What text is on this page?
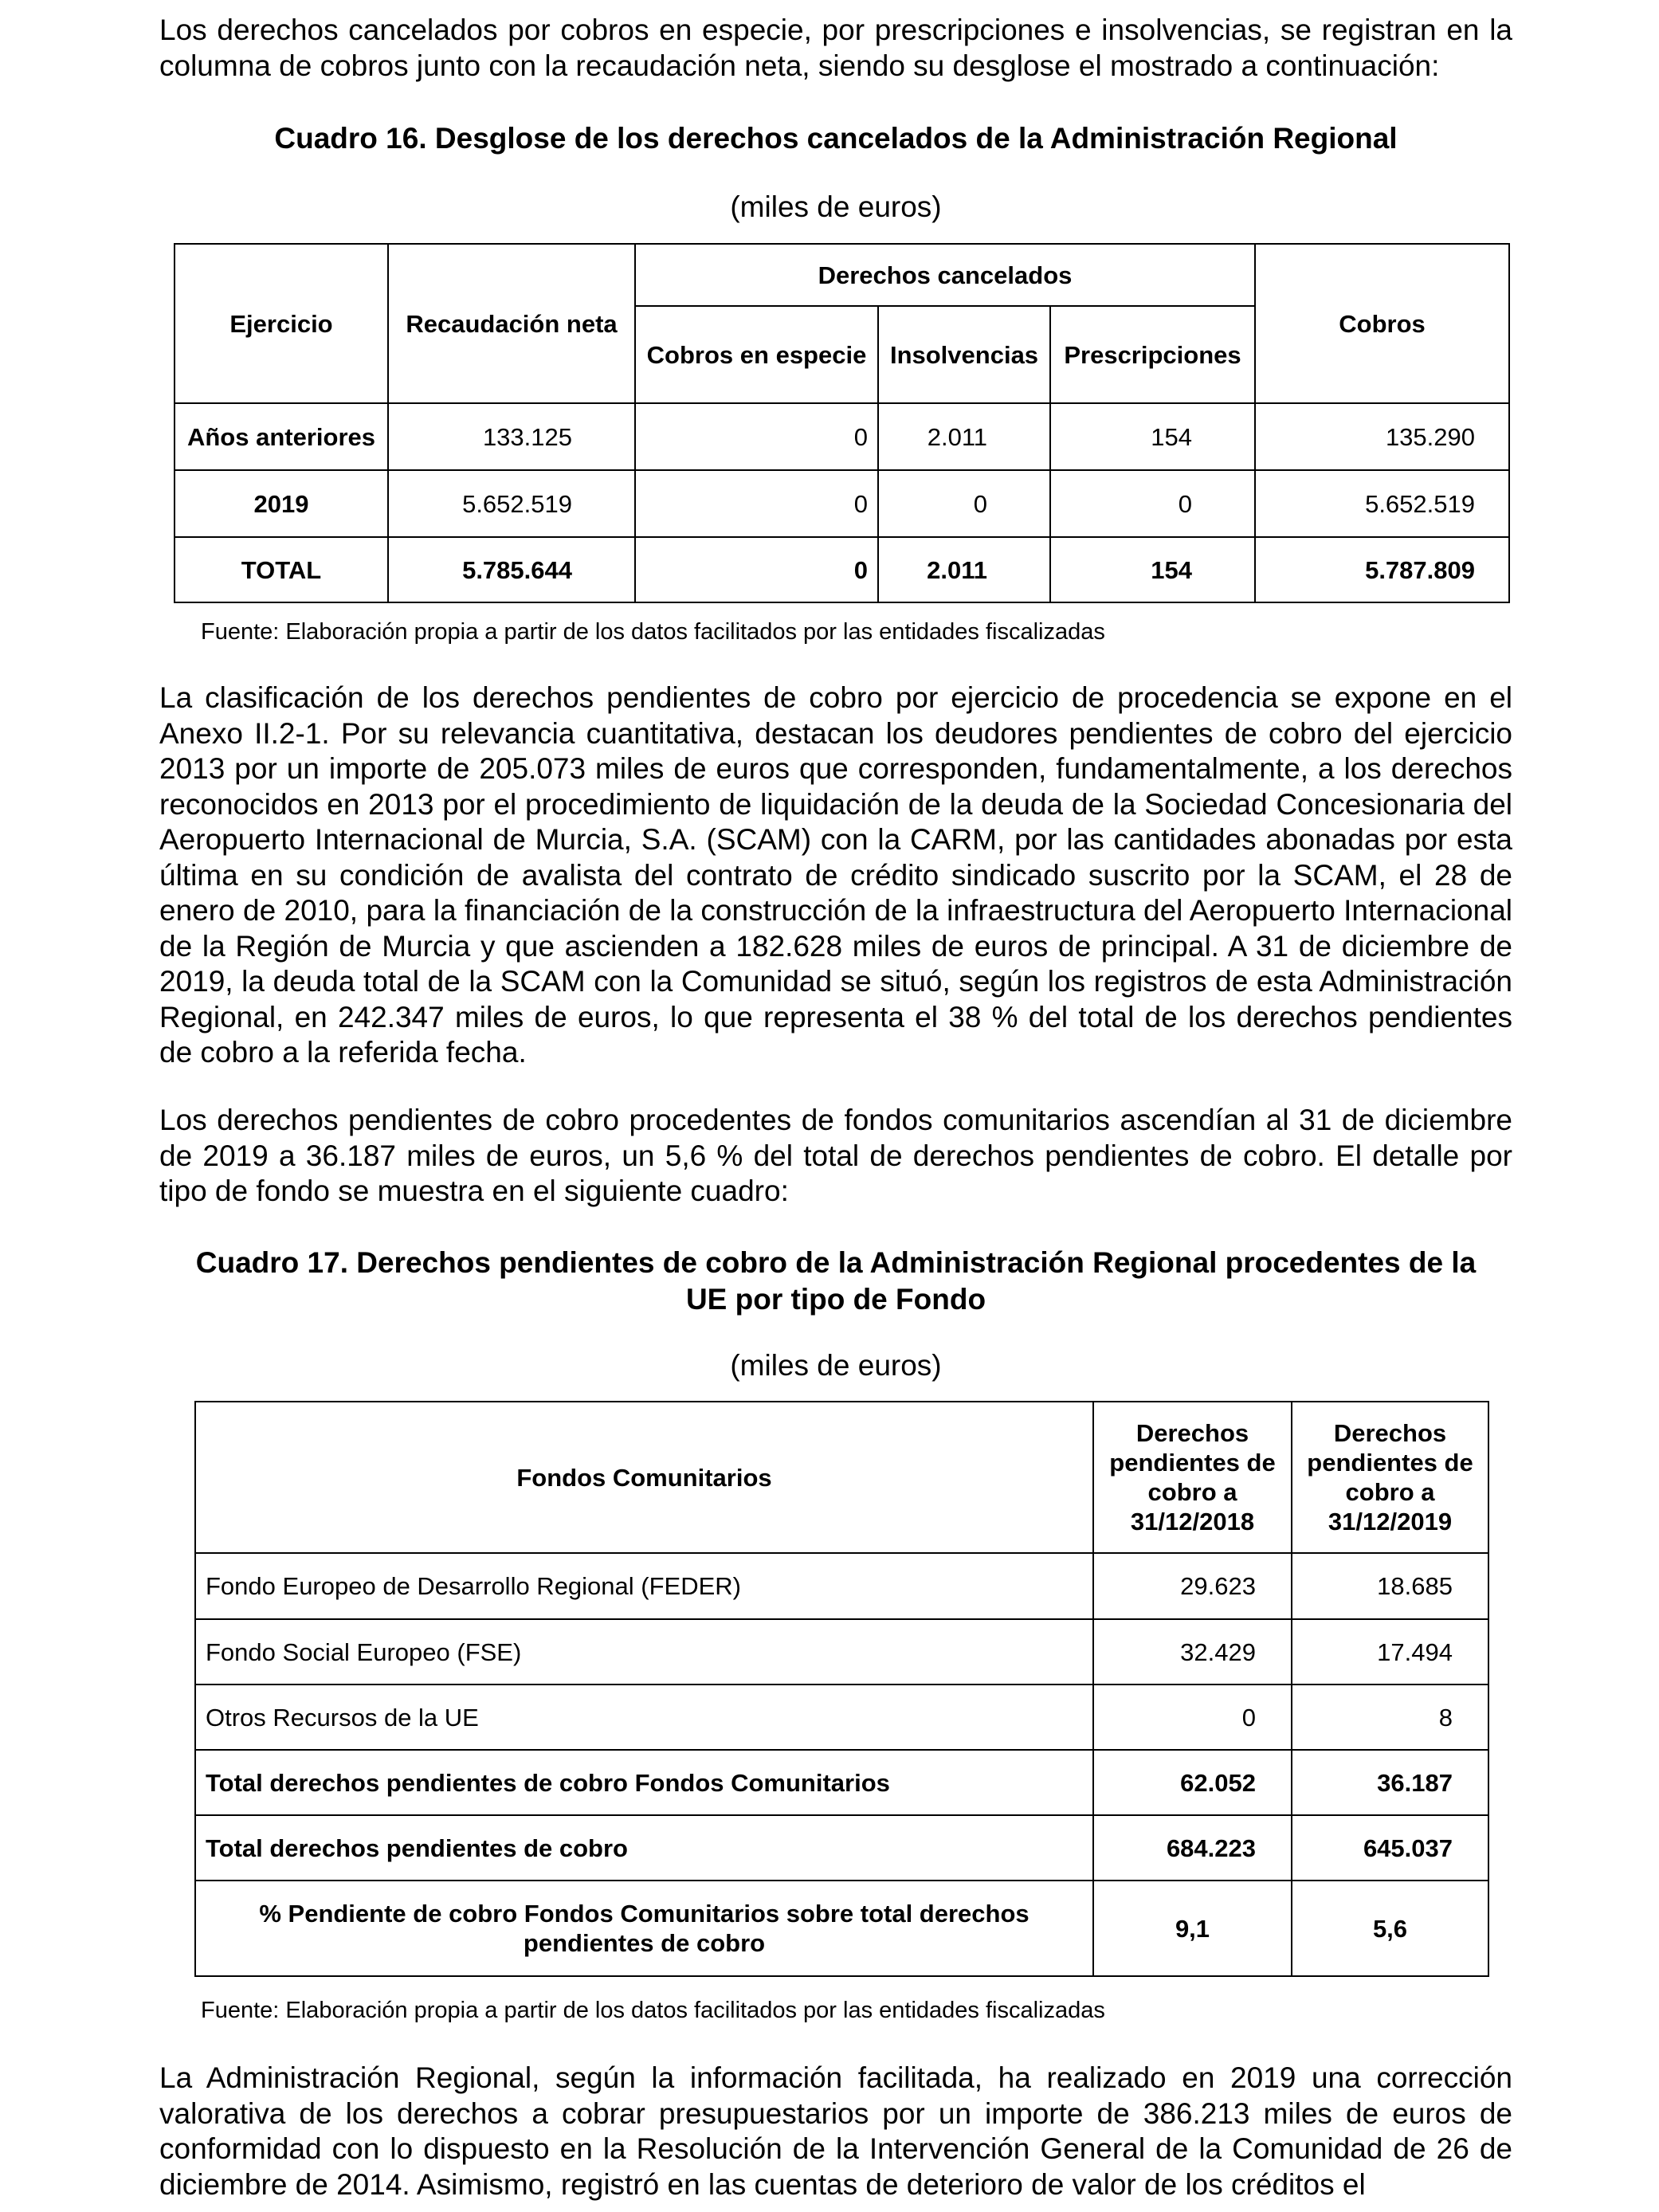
Los derechos cancelados por cobros en especie, por prescripciones e insolvencias, se registran en la columna de cobros junto con la recaudación neta, siendo su desglose el mostrado a continuación:

Cuadro 16. Desglose de los derechos cancelados de la Administración Regional

(miles de euros)

Ejercicio	Recaudación neta	Derechos cancelados			Cobros
		Cobros en especie	Insolvencias	Prescripciones	
Años anteriores	133.125	0	2.011	154	135.290
2019	5.652.519	0	0	0	5.652.519
TOTAL	5.785.644	0	2.011	154	5.787.809

Fuente: Elaboración propia a partir de los datos facilitados por las entidades fiscalizadas

La clasificación de los derechos pendientes de cobro por ejercicio de procedencia se expone en el Anexo II.2-1. Por su relevancia cuantitativa, destacan los deudores pendientes de cobro del ejercicio 2013 por un importe de 205.073 miles de euros que corresponden, fundamentalmente, a los derechos reconocidos en 2013 por el procedimiento de liquidación de la deuda de la Sociedad Concesionaria del Aeropuerto Internacional de Murcia, S.A. (SCAM) con la CARM, por las cantidades abonadas por esta última en su condición de avalista del contrato de crédito sindicado suscrito por la SCAM, el 28 de enero de 2010, para la financiación de la construcción de la infraestructura del Aeropuerto Internacional de la Región de Murcia y que ascienden a 182.628 miles de euros de principal. A 31 de diciembre de 2019, la deuda total de la SCAM con la Comunidad se situó, según los registros de esta Administración Regional, en 242.347 miles de euros, lo que representa el 38 % del total de los derechos pendientes de cobro a la referida fecha.

Los derechos pendientes de cobro procedentes de fondos comunitarios ascendían al 31 de diciembre de 2019 a 36.187 miles de euros, un 5,6 % del total de derechos pendientes de cobro. El detalle por tipo de fondo se muestra en el siguiente cuadro:

Cuadro 17. Derechos pendientes de cobro de la Administración Regional procedentes de la

UE por tipo de Fondo

(miles de euros)

Fondos Comunitarios	Derechos pendientes de cobro a 31/12/2018	Derechos pendientes de cobro a 31/12/2019
Fondo Europeo de Desarrollo Regional (FEDER)	29.623	18.685
Fondo Social Europeo (FSE)	32.429	17.494
Otros Recursos de la UE	0	8
Total derechos pendientes de cobro Fondos Comunitarios	62.052	36.187
Total derechos pendientes de cobro	684.223	645.037
% Pendiente de cobro Fondos Comunitarios sobre total derechos pendientes de cobro	9,1	5,6

Fuente: Elaboración propia a partir de los datos facilitados por las entidades fiscalizadas

La Administración Regional, según la información facilitada, ha realizado en 2019 una corrección valorativa de los derechos a cobrar presupuestarios por un importe de 386.213 miles de euros de conformidad con lo dispuesto en la Resolución de la Intervención General de la Comunidad de 26 de diciembre de 2014. Asimismo, registró en las cuentas de deterioro de valor de los créditos el
